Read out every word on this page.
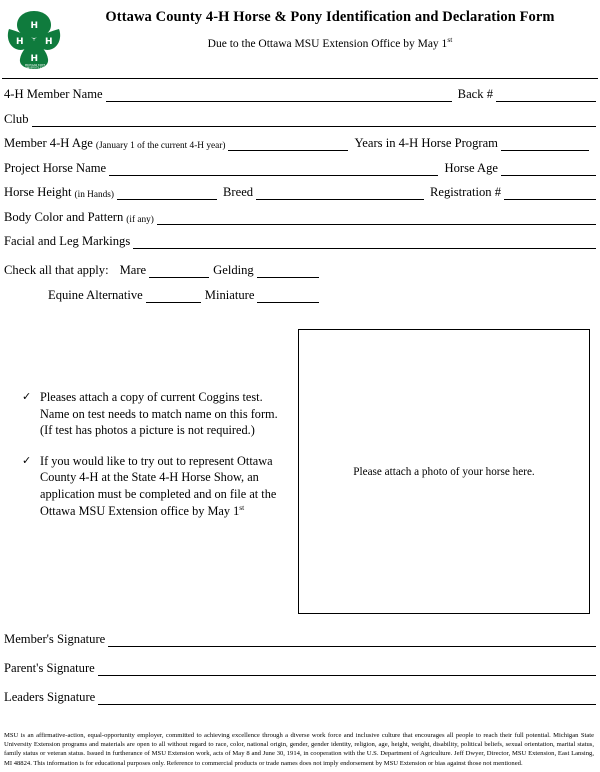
H
H H
H
MICHIGAN STATE
UNIVERSITY EXT.
Ottawa County 4-H Horse & Pony Identification and Declaration Form
Due to the Ottawa MSU Extension Office by May 1st
4-H Member Name	Back #
Club
Member 4-H Age (January 1 of the current 4-H year)	Years in 4-H Horse Program
Project Horse Name	Horse Age
Horse Height (in Hands)	Breed	Registration #
Body Color and Pattern (if any)
Facial and Leg Markings
Check all that apply: Mare	Gelding
Equine Alternative	Miniature
✓ Pleases attach a copy of current Coggins test.
Name on test needs to match name on this form.
(If test has photos a picture is not required.)
✓ If you would like to try out to represent Ottawa
County 4-H at the State 4-H Horse Show, an
application must be completed and on file at the
Ottawa MSU Extension office by May 1st
Please attach a photo of your horse here.
Member's Signature
Parent's Signature
Leaders Signature
MSU is an affirmative-action, equal-opportunity employer, committed to achieving excellence through a diverse work force and inclusive culture that encourages all people to reach their full potential. Michigan State University Extension programs and materials are open to all without regard to race, color, national origin, gender, gender identity, religion, age, height, weight, disability, political beliefs, sexual orientation, marital status, family status or veteran status. Issued in furtherance of MSU Extension work, acts of May 8 and June 30, 1914, in cooperation with the U.S. Department of Agriculture. Jeff Dwyer, Director, MSU Extension, East Lansing, MI 48824. This information is for educational purposes only. Reference to commercial products or trade names does not imply endorsement by MSU Extension or bias against those not mentioned.
